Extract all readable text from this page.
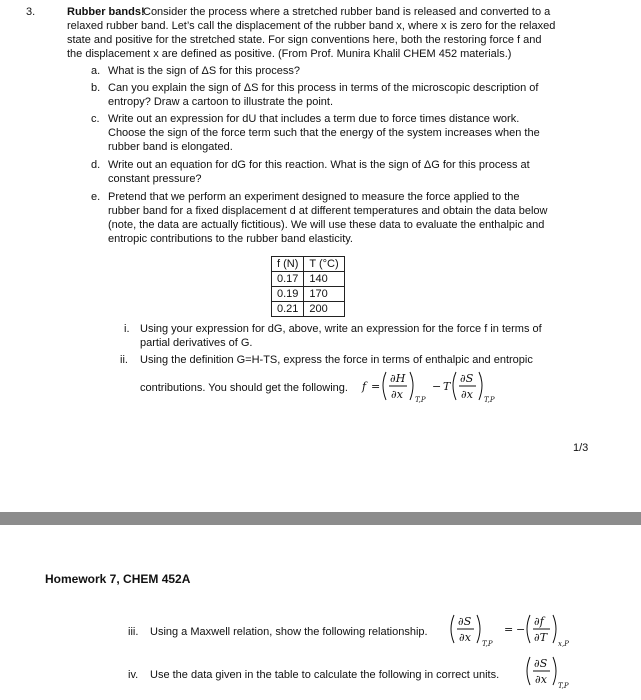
3.	Rubber bands!
Consider the process where a stretched rubber band is released and converted to a
relaxed rubber band. Let’s call the displacement of the rubber band x, where x is zero for the relaxed
state and positive for the stretched state. For sign conventions here, both the restoring force f and
the displacement x are defined as positive. (From Prof. Munira Khalil CHEM 452 materials.)
a. What is the sign of ΔS for this process?
b. Can you explain the sign of ΔS for this process in terms of the microscopic description of
entropy? Draw a cartoon to illustrate the point.
c. Write out an expression for dU that includes a term due to force times distance work.
Choose the sign of the force term such that the energy of the system increases when the
rubber band is elongated.
d. Write out an equation for dG for this reaction. What is the sign of ΔG for this process at
constant pressure?
e. Pretend that we perform an experiment designed to measure the force applied to the
rubber band for a fixed displacement d at different temperatures and obtain the data below
(note, the data are actually fictitious). We will use these data to evaluate the enthalpic and
entropic contributions to the rubber band elasticity.
f (N)	T (°C)
0.17	140
0.19	170
0.21	200
i. Using your expression for dG, above, write an expression for the force f in terms of
partial derivatives of G.
ii. Using the definition G=H-TS, express the force in terms of enthalpic and entropic
contributions. You should get the following. f =
∂H
∂x T,P
− T
∂S
∂x T,P
1/3
Homework 7, CHEM 452A
iii. Using a Maxwell relation, show the following relationship.
∂S
∂x T,P
= −
∂f
∂T x,P
iv. Use the data given in the table to calculate the following in correct units.
∂S
∂x T,P
